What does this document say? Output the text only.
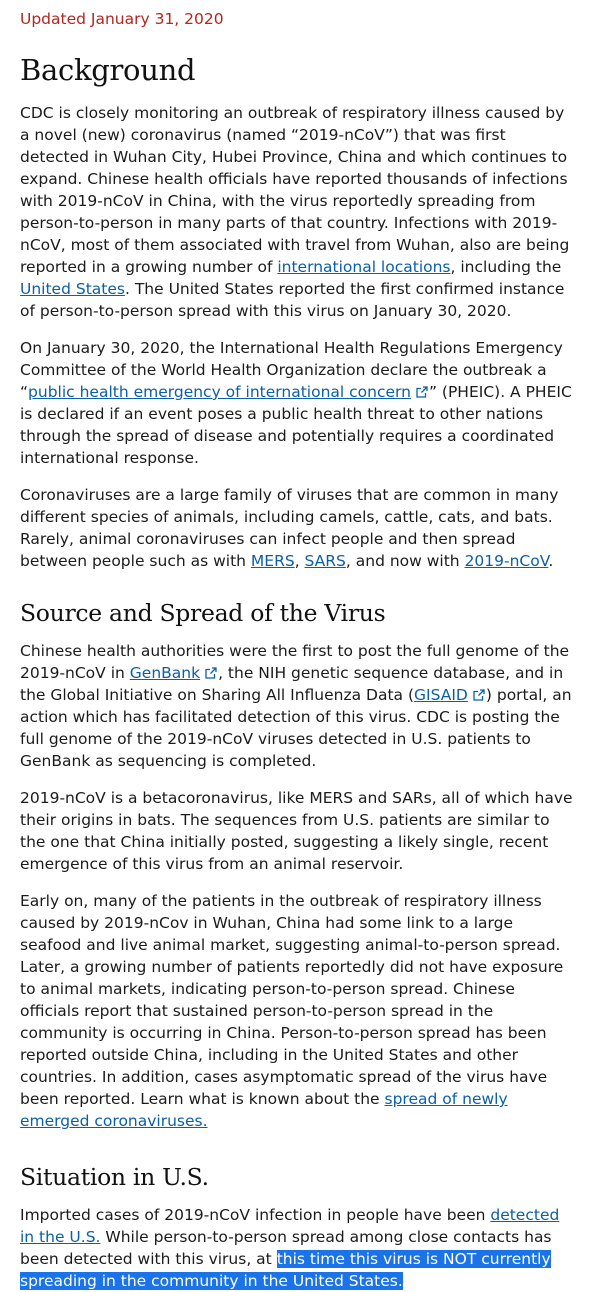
Updated January 31, 2020
Background

CDC is closely monitoring an outbreak of respiratory illness caused by a novel (new) coronavirus (named “2019-nCoV”) that was first detected in Wuhan City, Hubei Province, China and which continues to expand. Chinese health officials have reported thousands of infections with 2019-nCoV in China, with the virus reportedly spreading from person-to-person in many parts of that country. Infections with 2019-nCoV, most of them associated with travel from Wuhan, also are being reported in a growing number of international locations, including the United States. The United States reported the first confirmed instance of person-to-person spread with this virus on January 30, 2020.

On January 30, 2020, the International Health Regulations Emergency Committee of the World Health Organization declare the outbreak a “public health emergency of international concern ” (PHEIC). A PHEIC is declared if an event poses a public health threat to other nations through the spread of disease and potentially requires a coordinated international response.

Coronaviruses are a large family of viruses that are common in many different species of animals, including camels, cattle, cats, and bats. Rarely, animal coronaviruses can infect people and then spread between people such as with MERS, SARS, and now with 2019-nCoV.

Source and Spread of the Virus

Chinese health authorities were the first to post the full genome of the 2019-nCoV in GenBank , the NIH genetic sequence database, and in the Global Initiative on Sharing All Influenza Data (GISAID ) portal, an action which has facilitated detection of this virus. CDC is posting the full genome of the 2019-nCoV viruses detected in U.S. patients to GenBank as sequencing is completed.

2019-nCoV is a betacoronavirus, like MERS and SARs, all of which have their origins in bats. The sequences from U.S. patients are similar to the one that China initially posted, suggesting a likely single, recent emergence of this virus from an animal reservoir.

Early on, many of the patients in the outbreak of respiratory illness caused by 2019-nCov in Wuhan, China had some link to a large seafood and live animal market, suggesting animal-to-person spread. Later, a growing number of patients reportedly did not have exposure to animal markets, indicating person-to-person spread. Chinese officials report that sustained person-to-person spread in the community is occurring in China. Person-to-person spread has been reported outside China, including in the United States and other countries. In addition, cases asymptomatic spread of the virus have been reported. Learn what is known about the spread of newly emerged coronaviruses.

Situation in U.S.

Imported cases of 2019-nCoV infection in people have been detected in the U.S. While person-to-person spread among close contacts has been detected with this virus, at this time this virus is NOT currently spreading in the community in the United States.
